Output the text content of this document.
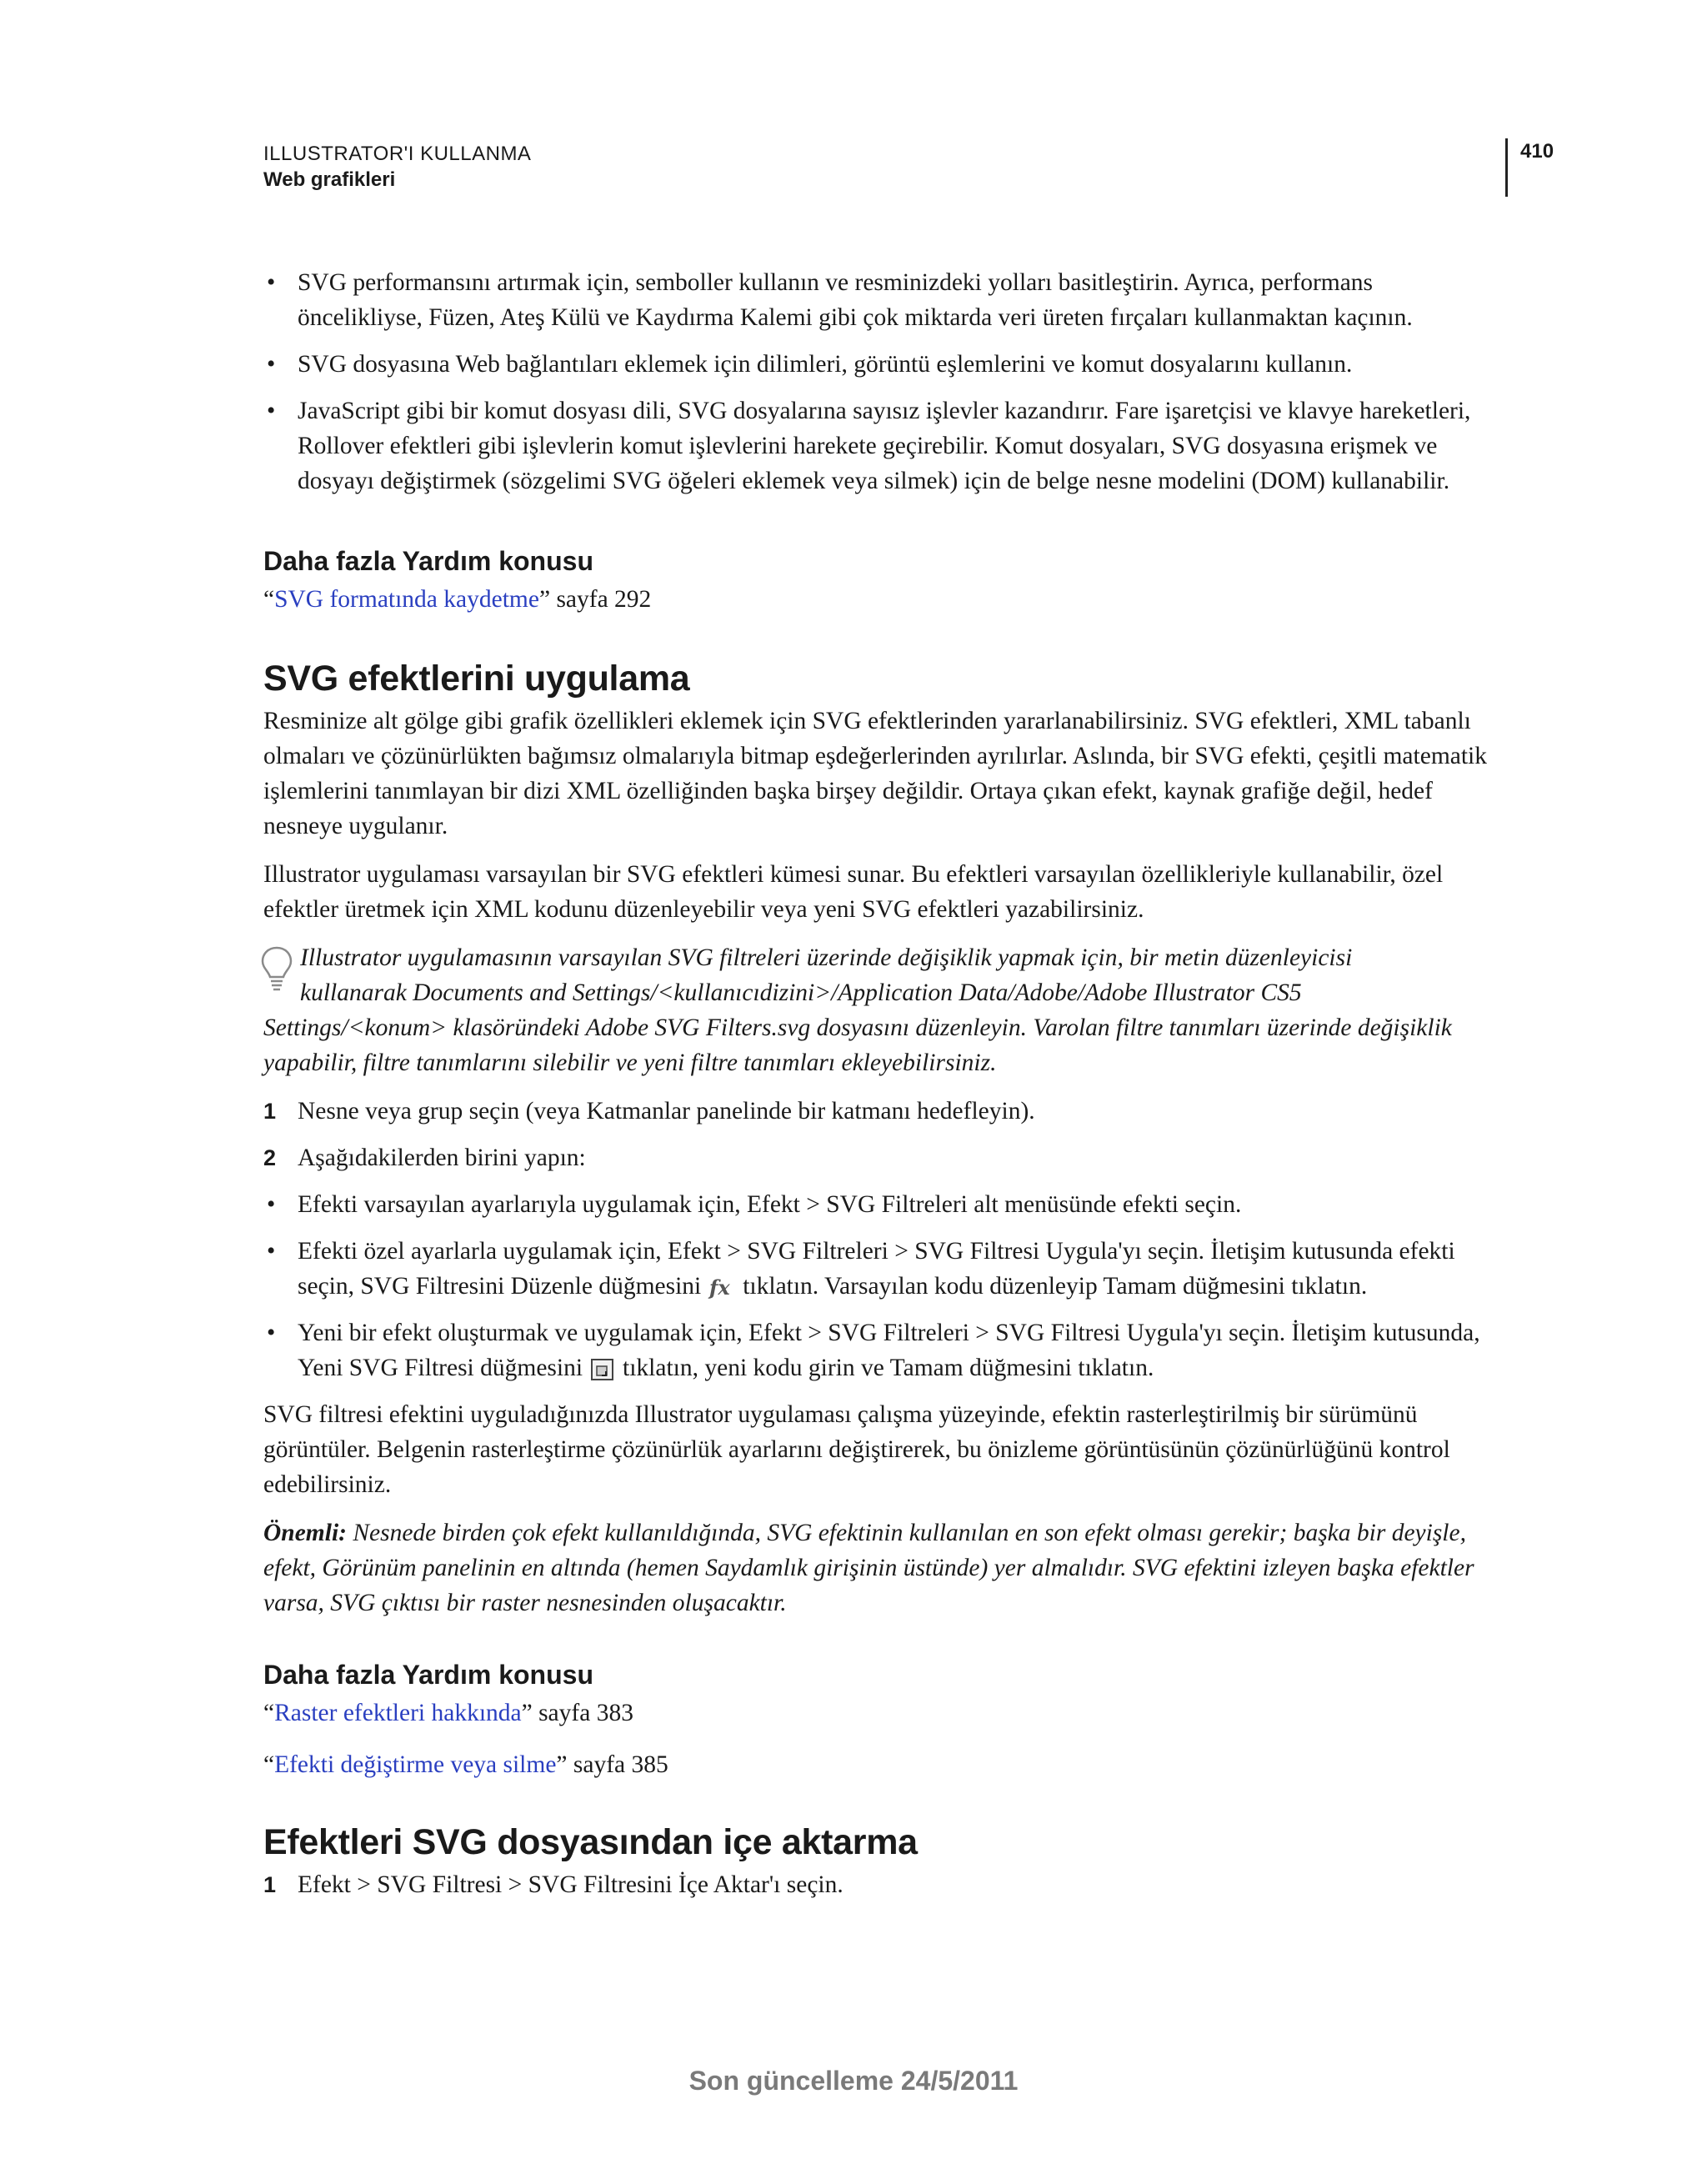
ILLUSTRATOR'I KULLANMA
Web grafikleri
410
• SVG performansını artırmak için, semboller kullanın ve resminizdeki yolları basitleştirin. Ayrıca, performans öncelikliyse, Füzen, Ateş Külü ve Kaydırma Kalemi gibi çok miktarda veri üreten fırçaları kullanmaktan kaçının.
• SVG dosyasına Web bağlantıları eklemek için dilimleri, görüntü eşlemlerini ve komut dosyalarını kullanın.
• JavaScript gibi bir komut dosyası dili, SVG dosyalarına sayısız işlevler kazandırır. Fare işaretçisi ve klavye hareketleri, Rollover efektleri gibi işlevlerin komut işlevlerini harekete geçirebilir. Komut dosyaları, SVG dosyasına erişmek ve dosyayı değiştirmek (sözgelimi SVG öğeleri eklemek veya silmek) için de belge nesne modelini (DOM) kullanabilir.
Daha fazla Yardım konusu

“SVG formatında kaydetme” sayfa 292

SVG efektlerini uygulama

Resminize alt gölge gibi grafik özellikleri eklemek için SVG efektlerinden yararlanabilirsiniz. SVG efektleri, XML tabanlı olmaları ve çözünürlükten bağımsız olmalarıyla bitmap eşdeğerlerinden ayrılırlar. Aslında, bir SVG efekti, çeşitli matematik işlemlerini tanımlayan bir dizi XML özelliğinden başka birşey değildir. Ortaya çıkan efekt, kaynak grafiğe değil, hedef nesneye uygulanır.

Illustrator uygulaması varsayılan bir SVG efektleri kümesi sunar. Bu efektleri varsayılan özellikleriyle kullanabilir, özel efektler üretmek için XML kodunu düzenleyebilir veya yeni SVG efektleri yazabilirsiniz.

Illustrator uygulamasının varsayılan SVG filtreleri üzerinde değişiklik yapmak için, bir metin düzenleyicisi
kullanarak Documents and Settings/<kullanıcıdizini>/Application Data/Adobe/Adobe Illustrator CS5
Settings/<konum> klasöründeki Adobe SVG Filters.svg dosyasını düzenleyin. Varolan filtre tanımları üzerinde değişiklik yapabilir, filtre tanımlarını silebilir ve yeni filtre tanımları ekleyebilirsiniz.
1 Nesne veya grup seçin (veya Katmanlar panelinde bir katmanı hedefleyin).
2 Aşağıdakilerden birini yapın:
• Efekti varsayılan ayarlarıyla uygulamak için, Efekt > SVG Filtreleri alt menüsünde efekti seçin.
• Efekti özel ayarlarla uygulamak için, Efekt > SVG Filtreleri > SVG Filtresi Uygula'yı seçin. İletişim kutusunda efekti seçin, SVG Filtresini Düzenle düğmesini fx tıklatın. Varsayılan kodu düzenleyip Tamam düğmesini tıklatın.
• Yeni bir efekt oluşturmak ve uygulamak için, Efekt > SVG Filtreleri > SVG Filtresi Uygula'yı seçin. İletişim kutusunda, Yeni SVG Filtresi düğmesini tıklatın, yeni kodu girin ve Tamam düğmesini tıklatın.

SVG filtresi efektini uyguladığınızda Illustrator uygulaması çalışma yüzeyinde, efektin rasterleştirilmiş bir sürümünü görüntüler. Belgenin rasterleştirme çözünürlük ayarlarını değiştirerek, bu önizleme görüntüsünün çözünürlüğünü kontrol edebilirsiniz.

Önemli: Nesnede birden çok efekt kullanıldığında, SVG efektinin kullanılan en son efekt olması gerekir; başka bir deyişle, efekt, Görünüm panelinin en altında (hemen Saydamlık girişinin üstünde) yer almalıdır. SVG efektini izleyen başka efektler varsa, SVG çıktısı bir raster nesnesinden oluşacaktır.

Daha fazla Yardım konusu

“Raster efektleri hakkında” sayfa 383

“Efekti değiştirme veya silme” sayfa 385

Efektleri SVG dosyasından içe aktarma
1 Efekt > SVG Filtresi > SVG Filtresini İçe Aktar'ı seçin.
Son güncelleme 24/5/2011
